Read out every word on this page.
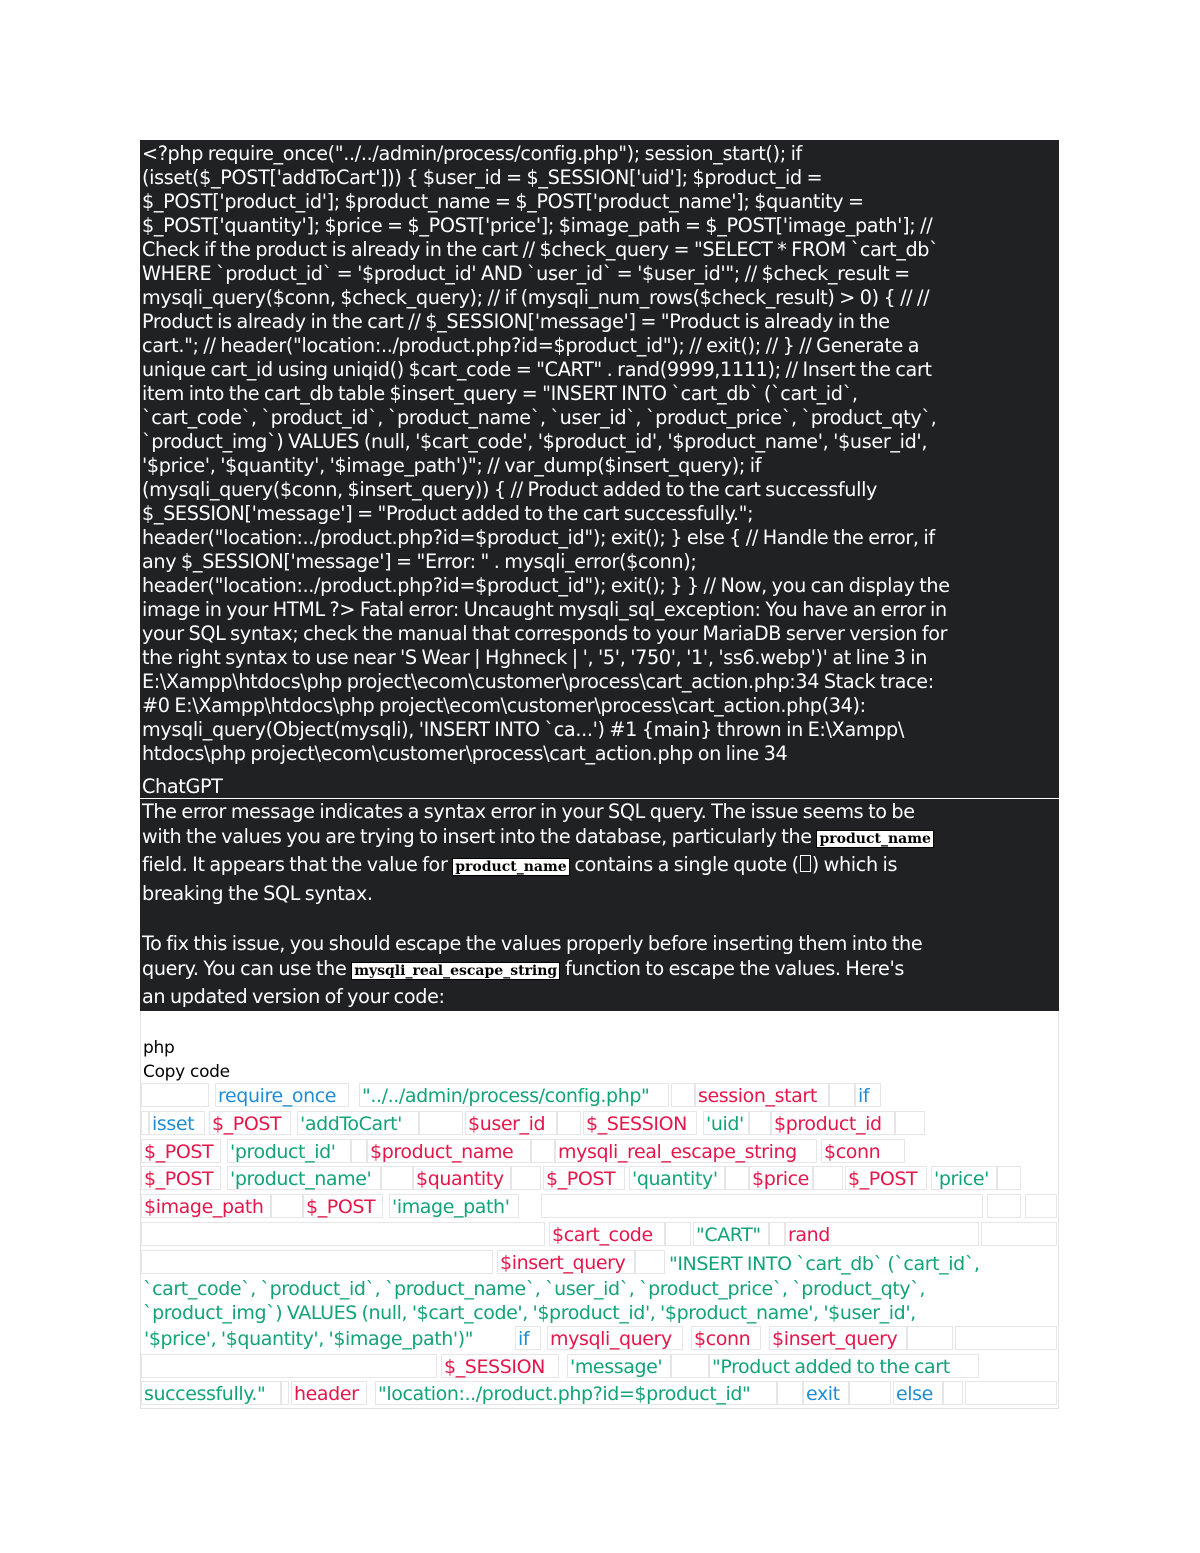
<?php require_once("../../admin/process/config.php"); session_start(); if
(isset($_POST['addToCart'])) { $user_id = $_SESSION['uid']; $product_id =
$_POST['product_id']; $product_name = $_POST['product_name']; $quantity =
$_POST['quantity']; $price = $_POST['price']; $image_path = $_POST['image_path']; //
Check if the product is already in the cart // $check_query = "SELECT * FROM `cart_db`
WHERE `product_id` = '$product_id' AND `user_id` = '$user_id'"; // $check_result =
mysqli_query($conn, $check_query); // if (mysqli_num_rows($check_result) > 0) { // //
Product is already in the cart // $_SESSION['message'] = "Product is already in the
cart."; // header("location:../product.php?id=$product_id"); // exit(); // } // Generate a
unique cart_id using uniqid() $cart_code = "CART" . rand(9999,1111); // Insert the cart
item into the cart_db table $insert_query = "INSERT INTO `cart_db` (`cart_id`,
`cart_code`, `product_id`, `product_name`, `user_id`, `product_price`, `product_qty`,
`product_img`) VALUES (null, '$cart_code', '$product_id', '$product_name', '$user_id',
'$price', '$quantity', '$image_path')"; // var_dump($insert_query); if
(mysqli_query($conn, $insert_query)) { // Product added to the cart successfully
$_SESSION['message'] = "Product added to the cart successfully.";
header("location:../product.php?id=$product_id"); exit(); } else { // Handle the error, if
any $_SESSION['message'] = "Error: " . mysqli_error($conn);
header("location:../product.php?id=$product_id"); exit(); } } // Now, you can display the
image in your HTML ?> Fatal error: Uncaught mysqli_sql_exception: You have an error in
your SQL syntax; check the manual that corresponds to your MariaDB server version for
the right syntax to use near 'S Wear | Hghneck | ', '5', '750', '1', 'ss6.webp')' at line 3 in
E:\Xampp\htdocs\php project\ecom\customer\process\cart_action.php:34 Stack trace:
#0 E:\Xampp\htdocs\php project\ecom\customer\process\cart_action.php(34):
mysqli_query(Object(mysqli), 'INSERT INTO `ca...') #1 {main} thrown in E:\Xampp\
htdocs\php project\ecom\customer\process\cart_action.php on line 34
ChatGPT
The error message indicates a syntax error in your SQL query. The issue seems to be
with the values you are trying to insert into the database, particularly the product_name
field. It appears that the value for product_name contains a single quote ( ) which is
breaking the SQL syntax.
To fix this issue, you should escape the values properly before inserting them into the
query. You can use the mysqli_real_escape_string function to escape the values. Here's
an updated version of your code:
php
Copy code
require_once	"../../admin/process/config.php"	session_start	if
isset $_POST 'addToCart'	$user_id	$_SESSION	'uid' $product_id
$_POST 'product_id'	$product_name	mysqli_real_escape_string	$conn
$_POST 'product_name'	$quantity	$_POST 'quantity'	$price $_POST 'price'
$image_path	$_POST 'image_path'
$cart_code	"CART"	rand
$insert_query	"INSERT INTO `cart_db` (`cart_id`,
`cart_code`, `product_id`, `product_name`, `user_id`, `product_price`, `product_qty`,
`product_img`) VALUES (null, '$cart_code', '$product_id', '$product_name', '$user_id',
'$price', '$quantity', '$image_path')"	if	mysqli_query	$conn	$insert_query
$_SESSION	'message'	"Product added to the cart
successfully."	header	"location:../product.php?id=$product_id"	exit	else
